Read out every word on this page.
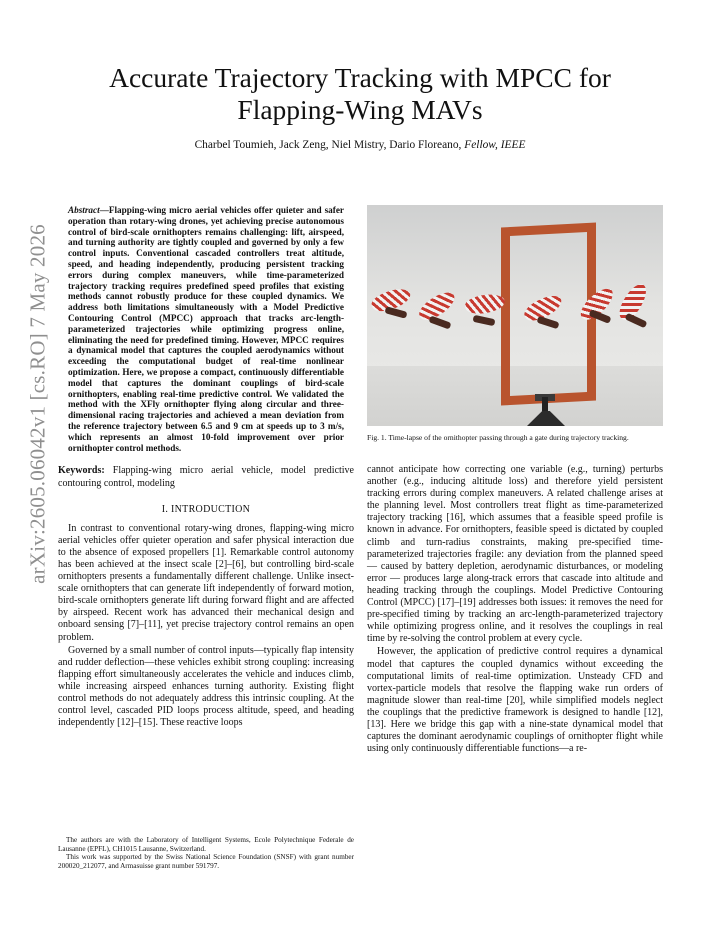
arXiv:2605.06042v1 [cs.RO] 7 May 2026
Accurate Trajectory Tracking with MPCC for
Flapping-Wing MAVs
Charbel Toumieh, Jack Zeng, Niel Mistry, Dario Floreano, Fellow, IEEE

Abstract—Flapping-wing micro aerial vehicles offer quieter and safer operation than rotary-wing drones, yet achieving precise autonomous control of bird-scale ornithopters remains challenging: lift, airspeed, and turning authority are tightly coupled and governed by only a few control inputs. Conventional cascaded controllers treat altitude, speed, and heading independently, producing persistent tracking errors during complex maneuvers, while time-parameterized trajectory tracking requires predefined speed profiles that existing methods cannot robustly produce for these coupled dynamics. We address both limitations simultaneously with a Model Predictive Contouring Control (MPCC) approach that tracks arc-length-parameterized trajectories while optimizing progress online, eliminating the need for predefined timing. However, MPCC requires a dynamical model that captures the coupled aerodynamics without exceeding the computational budget of real-time nonlinear optimization. Here, we propose a compact, continuously differentiable model that captures the dominant couplings of bird-scale ornithopters, enabling real-time predictive control. We validated the method with the XFly ornithopter flying along circular and three-dimensional racing trajectories and achieved a mean deviation from the reference trajectory between 6.5 and 9 cm at speeds up to 3 m/s, which represents an almost 10-fold improvement over prior ornithopter control methods.

Keywords: Flapping-wing micro aerial vehicle, model predictive contouring control, modeling

I. INTRODUCTION

In contrast to conventional rotary-wing drones, flapping-wing micro aerial vehicles offer quieter operation and safer physical interaction due to the absence of exposed propellers [1]. Remarkable control autonomy has been achieved at the insect scale [2]–[6], but controlling bird-scale ornithopters presents a fundamentally different challenge. Unlike insect-scale ornithopters that can generate lift independently of forward motion, bird-scale ornithopters generate lift during forward flight and are affected by airspeed. Recent work has advanced their mechanical design and onboard sensing [7]–[11], yet precise trajectory control remains an open problem.

Governed by a small number of control inputs—typically flap intensity and rudder deflection—these vehicles exhibit strong coupling: increasing flapping effort simultaneously accelerates the vehicle and induces climb, while increasing airspeed enhances turning authority. Existing flight control methods do not adequately address this intrinsic coupling. At the control level, cascaded PID loops process altitude, speed, and heading independently [12]–[15]. These reactive loops

The authors are with the Laboratory of Intelligent Systems, Ecole Polytechnique Federale de Lausanne (EPFL), CH1015 Lausanne, Switzerland.

This work was supported by the Swiss National Science Foundation (SNSF) with grant number 200020_212077, and Armasuisse grant number 591797.

Fig. 1. Time-lapse of the ornithopter passing through a gate during trajectory tracking.

cannot anticipate how correcting one variable (e.g., turning) perturbs another (e.g., inducing altitude loss) and therefore yield persistent tracking errors during complex maneuvers. A related challenge arises at the planning level. Most controllers treat flight as time-parameterized trajectory tracking [16], which assumes that a feasible speed profile is known in advance. For ornithopters, feasible speed is dictated by coupled climb and turn-radius constraints, making pre-specified time-parameterized trajectories fragile: any deviation from the planned speed — caused by battery depletion, aerodynamic disturbances, or modeling error — produces large along-track errors that cascade into altitude and heading tracking through the couplings. Model Predictive Contouring Control (MPCC) [17]–[19] addresses both issues: it removes the need for pre-specified timing by tracking an arc-length-parameterized trajectory while optimizing progress online, and it resolves the couplings in real time by re-solving the control problem at every cycle.

However, the application of predictive control requires a dynamical model that captures the coupled dynamics without exceeding the computational limits of real-time optimization. Unsteady CFD and vortex-particle models that resolve the flapping wake run orders of magnitude slower than real-time [20], while simplified models neglect the couplings that the predictive framework is designed to handle [12], [13]. Here we bridge this gap with a nine-state dynamical model that captures the dominant aerodynamic couplings of ornithopter flight while using only continuously differentiable functions—a re-
